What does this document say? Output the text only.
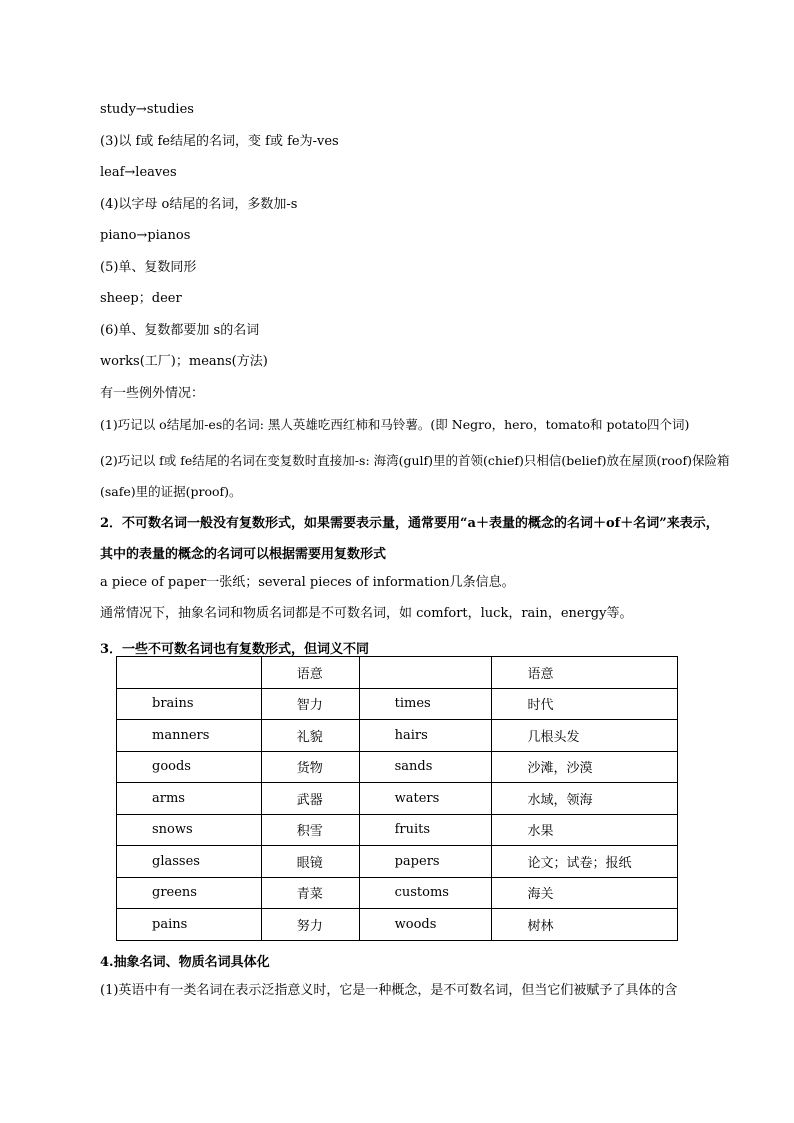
study→studies
(3)以 f或 fe结尾的名词，变 f或 fe为-ves
leaf→leaves
(4)以字母 o结尾的名词，多数加-s
piano→pianos
(5)单、复数同形
sheep；deer
(6)单、复数都要加 s的名词
works(工厂)；means(方法)
有一些例外情况：
(1)巧记以 o结尾加-es的名词: 黑人英雄吃西红柿和马铃薯。(即 Negro，hero，tomato和 potato四个词)
(2)巧记以 f或 fe结尾的名词在变复数时直接加-s: 海湾(gulf)里的首领(chief)只相信(belief)放在屋顶(roof)保险箱(safe)里的证据(proof)。
2．不可数名词一般没有复数形式，如果需要表示量，通常要用“a＋表量的概念的名词＋of＋名词”来表示，其中的表量的概念的名词可以根据需要用复数形式
a piece of paper一张纸；several pieces of information几条信息。
通常情况下，抽象名词和物质名词都是不可数名词，如 comfort，luck，rain，energy等。
3．一些不可数名词也有复数形式，但词义不同
	语意		语意
brains	智力	times	时代
manners	礼貌	hairs	几根头发
goods	货物	sands	沙滩，沙漠
arms	武器	waters	水域，领海
snows	积雪	fruits	水果
glasses	眼镜	papers	论文；试卷；报纸
greens	青菜	customs	海关
pains	努力	woods	树林
4.抽象名词、物质名词具体化
(1)英语中有一类名词在表示泛指意义时，它是一种概念，是不可数名词，但当它们被赋予了具体的含
